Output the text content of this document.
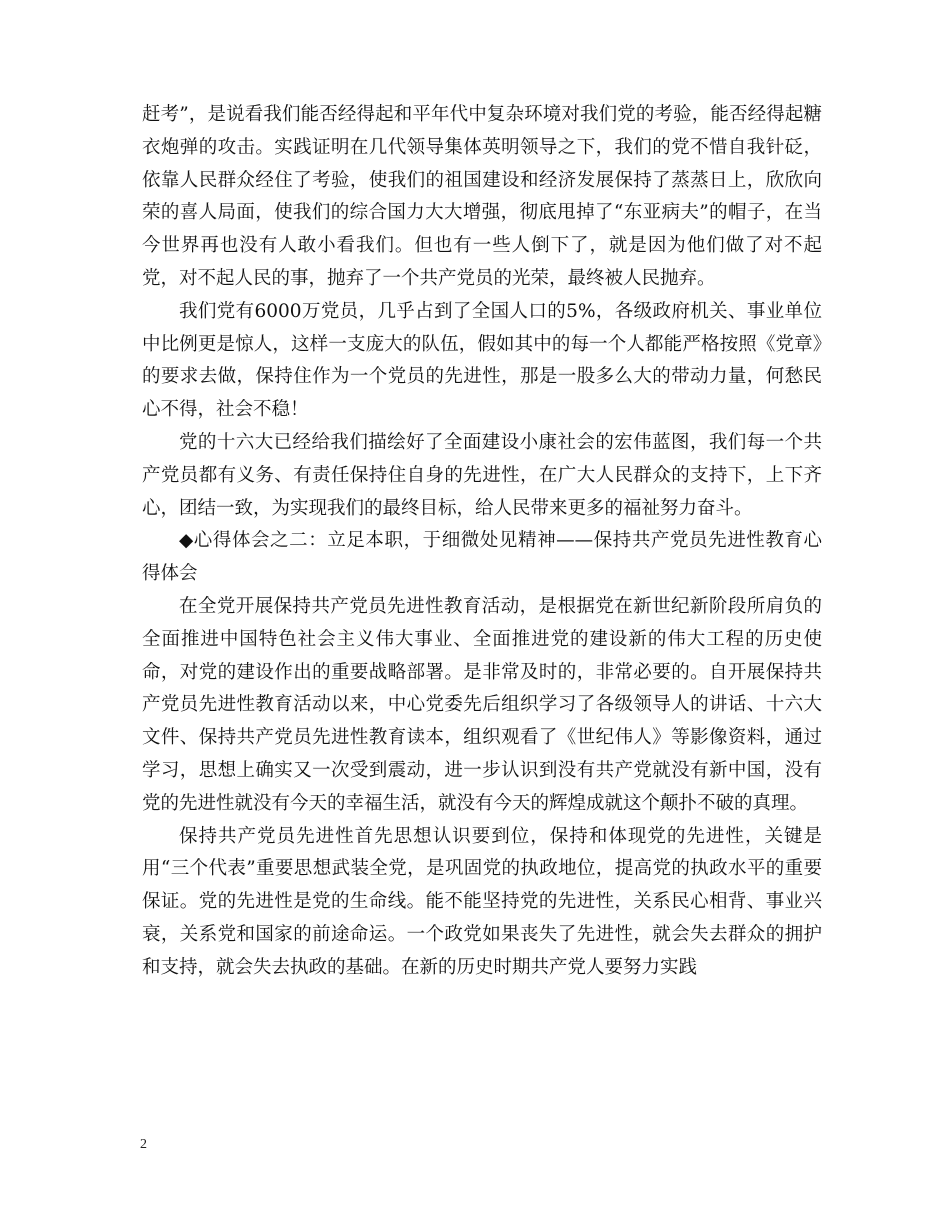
赶考”，是说看我们能否经得起和平年代中复杂环境对我们党的考验，能否经得起糖衣炮弹的攻击。实践证明在几代领导集体英明领导之下，我们的党不惜自我针砭，依靠人民群众经住了考验，使我们的祖国建设和经济发展保持了蒸蒸日上，欣欣向荣的喜人局面，使我们的综合国力大大增强，彻底甩掉了“东亚病夫”的帽子，在当今世界再也没有人敢小看我们。但也有一些人倒下了，就是因为他们做了对不起党，对不起人民的事，抛弃了一个共产党员的光荣，最终被人民抛弃。

我们党有6000万党员，几乎占到了全国人口的5%，各级政府机关、事业单位中比例更是惊人，这样一支庞大的队伍，假如其中的每一个人都能严格按照《党章》的要求去做，保持住作为一个党员的先进性，那是一股多么大的带动力量，何愁民心不得，社会不稳！

党的十六大已经给我们描绘好了全面建设小康社会的宏伟蓝图，我们每一个共产党员都有义务、有责任保持住自身的先进性，在广大人民群众的支持下，上下齐心，团结一致，为实现我们的最终目标，给人民带来更多的福祉努力奋斗。

◆心得体会之二：立足本职，于细微处见精神——保持共产党员先进性教育心得体会

在全党开展保持共产党员先进性教育活动，是根据党在新世纪新阶段所肩负的全面推进中国特色社会主义伟大事业、全面推进党的建设新的伟大工程的历史使命，对党的建设作出的重要战略部署。是非常及时的，非常必要的。自开展保持共产党员先进性教育活动以来，中心党委先后组织学习了各级领导人的讲话、十六大文件、保持共产党员先进性教育读本，组织观看了《世纪伟人》等影像资料，通过学习，思想上确实又一次受到震动，进一步认识到没有共产党就没有新中国，没有党的先进性就没有今天的幸福生活，就没有今天的辉煌成就这个颠扑不破的真理。

保持共产党员先进性首先思想认识要到位，保持和体现党的先进性，关键是用“三个代表”重要思想武装全党，是巩固党的执政地位，提高党的执政水平的重要保证。党的先进性是党的生命线。能不能坚持党的先进性，关系民心相背、事业兴衰，关系党和国家的前途命运。一个政党如果丧失了先进性，就会失去群众的拥护和支持，就会失去执政的基础。在新的历史时期共产党人要努力实践

2
